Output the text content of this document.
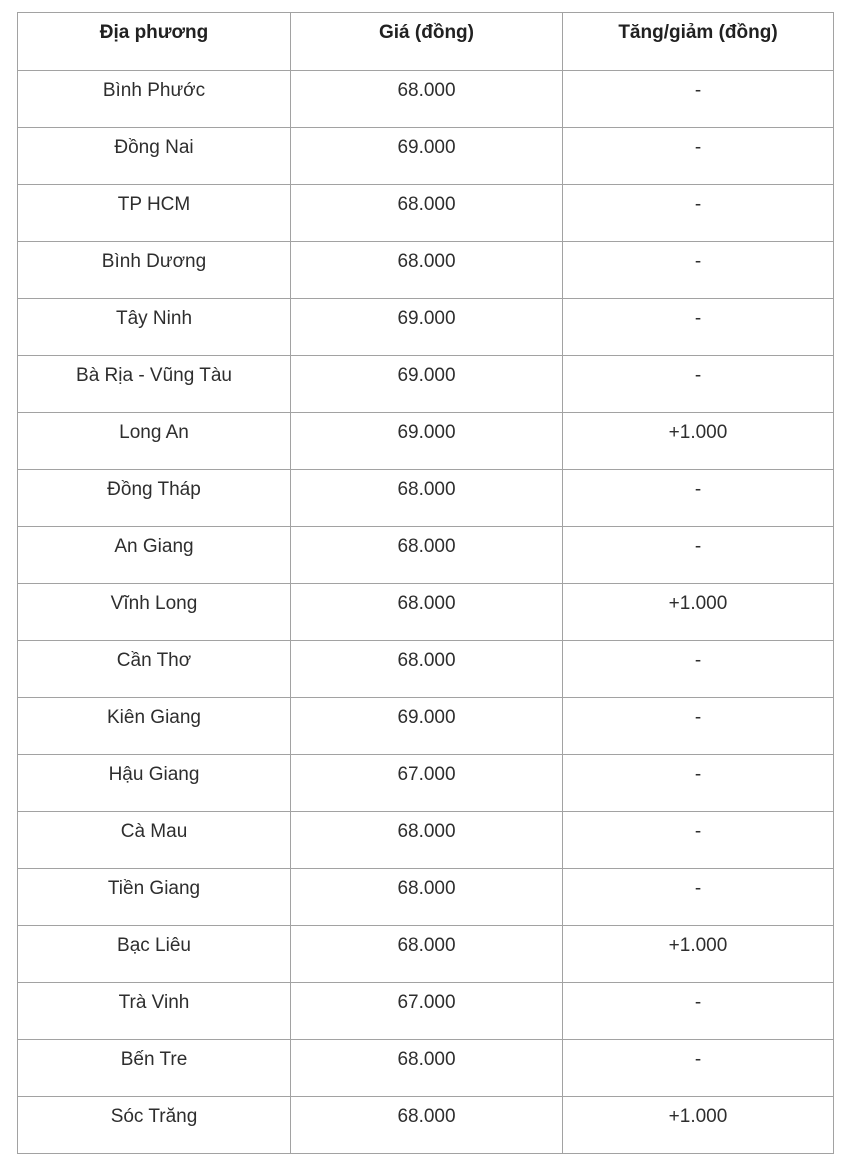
Địa phương	Giá (đồng)	Tăng/giảm (đồng)
Bình Phước	68.000	-
Đồng Nai	69.000	-
TP HCM	68.000	-
Bình Dương	68.000	-
Tây Ninh	69.000	-
Bà Rịa - Vũng Tàu	69.000	-
Long An	69.000	+1.000
Đồng Tháp	68.000	-
An Giang	68.000	-
Vĩnh Long	68.000	+1.000
Cần Thơ	68.000	-
Kiên Giang	69.000	-
Hậu Giang	67.000	-
Cà Mau	68.000	-
Tiền Giang	68.000	-
Bạc Liêu	68.000	+1.000
Trà Vinh	67.000	-
Bến Tre	68.000	-
Sóc Trăng	68.000	+1.000
